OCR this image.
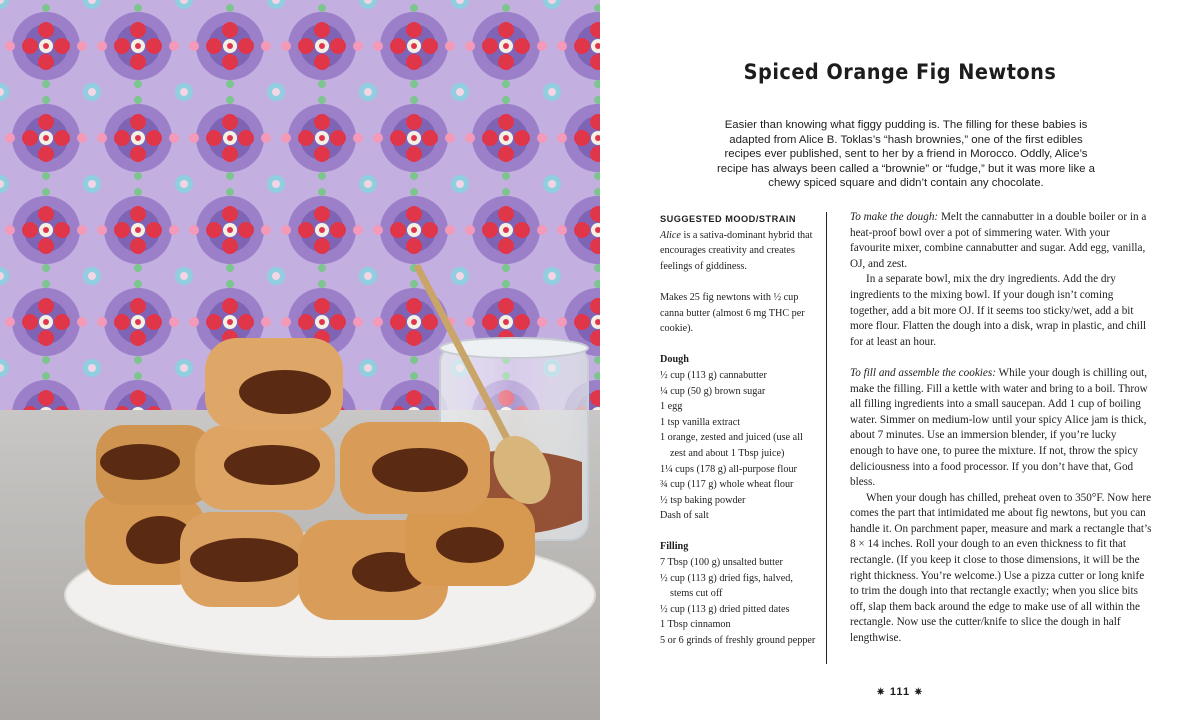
Spiced Orange Fig Newtons
Easier than knowing what figgy pudding is. The filling for these babies is adapted from Alice B. Toklas’s “hash brownies,” one of the first edibles recipes ever published, sent to her by a friend in Morocco. Oddly, Alice’s recipe has always been called a “brownie” or “fudge,” but it was more like a chewy spiced square and didn’t contain any chocolate.
SUGGESTED MOOD/STRAIN
Alice is a sativa-dominant hybrid that encourages creativity and creates feelings of giddiness.
Makes 25 fig newtons with ½ cup canna butter (almost 6 mg THC per cookie).
Dough
½ cup (113 g) cannabutter
¼ cup (50 g) brown sugar
1 egg
1 tsp vanilla extract
1 orange, zested and juiced (use all zest and about 1 Tbsp juice)
1¼ cups (178 g) all-purpose flour
¾ cup (117 g) whole wheat flour
½ tsp baking powder
Dash of salt
Filling
7 Tbsp (100 g) unsalted butter
½ cup (113 g) dried figs, halved, stems cut off
½ cup (113 g) dried pitted dates
1 Tbsp cinnamon
5 or 6 grinds of freshly ground pepper

To make the dough: Melt the cannabutter in a double boiler or in a heat-proof bowl over a pot of simmering water. With your favourite mixer, combine cannabutter and sugar. Add egg, vanilla, OJ, and zest.

In a separate bowl, mix the dry ingredients. Add the dry ingredients to the mixing bowl. If your dough isn’t coming together, add a bit more OJ. If it seems too sticky/wet, add a bit more flour. Flatten the dough into a disk, wrap in plastic, and chill for at least an hour.

To fill and assemble the cookies: While your dough is chilling out, make the filling. Fill a kettle with water and bring to a boil. Throw all filling ingredients into a small saucepan. Add 1 cup of boiling water. Simmer on medium-low until your spicy Alice jam is thick, about 7 minutes. Use an immersion blender, if you’re lucky enough to have one, to puree the mixture. If not, throw the spicy deliciousness into a food processor. If you don’t have that, God bless.

When your dough has chilled, preheat oven to 350°F. Now here comes the part that intimidated me about fig newtons, but you can handle it. On parchment paper, measure and mark a rectangle that’s 8 × 14 inches. Roll your dough to an even thickness to fit that rectangle. (If you keep it close to those dimensions, it will be the right thickness. You’re welcome.) Use a pizza cutter or long knife to trim the dough into that rectangle exactly; when you slice bits off, slap them back around the edge to make use of all within the rectangle. Now use the cutter/knife to slice the dough in half lengthwise.

✷ 111 ✷
